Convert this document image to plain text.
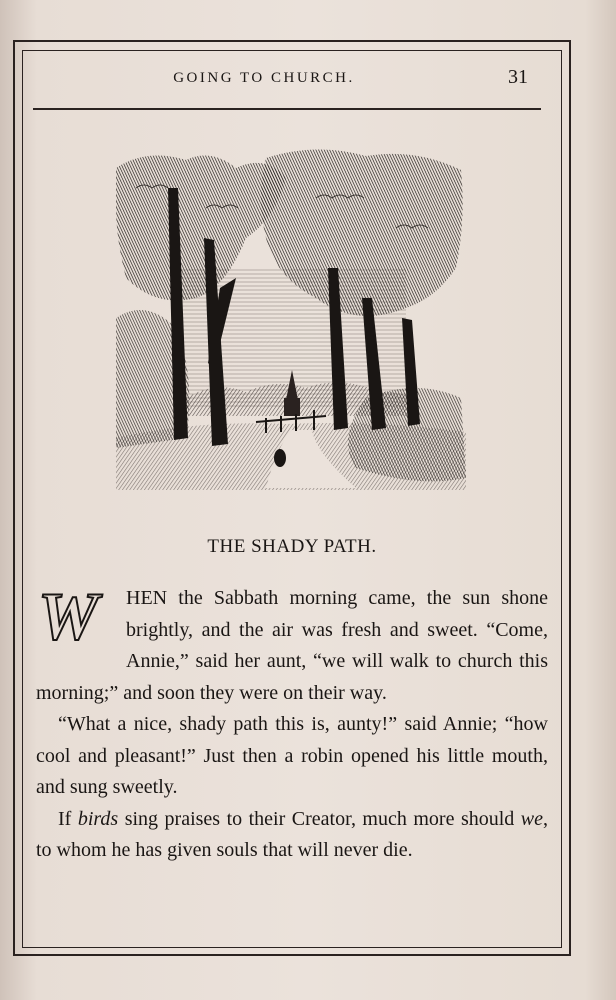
GOING TO CHURCH.	31
THE SHADY PATH.
W	HEN the Sabbath morning came, the sun shone brightly, and the air was fresh and sweet. “Come, Annie,” said her aunt, “we will walk to church this morning;” and soon they were on their way.

“What a nice, shady path this is, aunty!” said Annie; “how cool and pleasant!” Just then a robin opened his little mouth, and sung sweetly.

If birds sing praises to their Creator, much more should we, to whom he has given souls that will never die.
